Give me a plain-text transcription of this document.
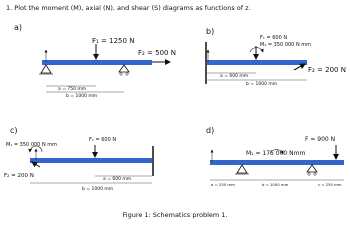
1. Plot the moment (M), axial (N), and shear (S) diagrams as functions of z.
a)
F₁ = 1250 N
F₂ = 500 N
a = 750 mm
b = 1000 mm
b)
F₁ = 600 N
M₁ = 350 000 N mm
F₂ = 200 N
a = 600 mm
b = 1000 mm
c)
M₁ = 350 000 N mm
F₁ = 600 N
F₂ = 200 N
a = 600 mm
b = 1000 mm
d)
M₁ = 175 000 Nmm
F = 900 N
a = 250 mm	b = 1000 mm	c = 250 mm
Figure 1: Schematics problem 1.
